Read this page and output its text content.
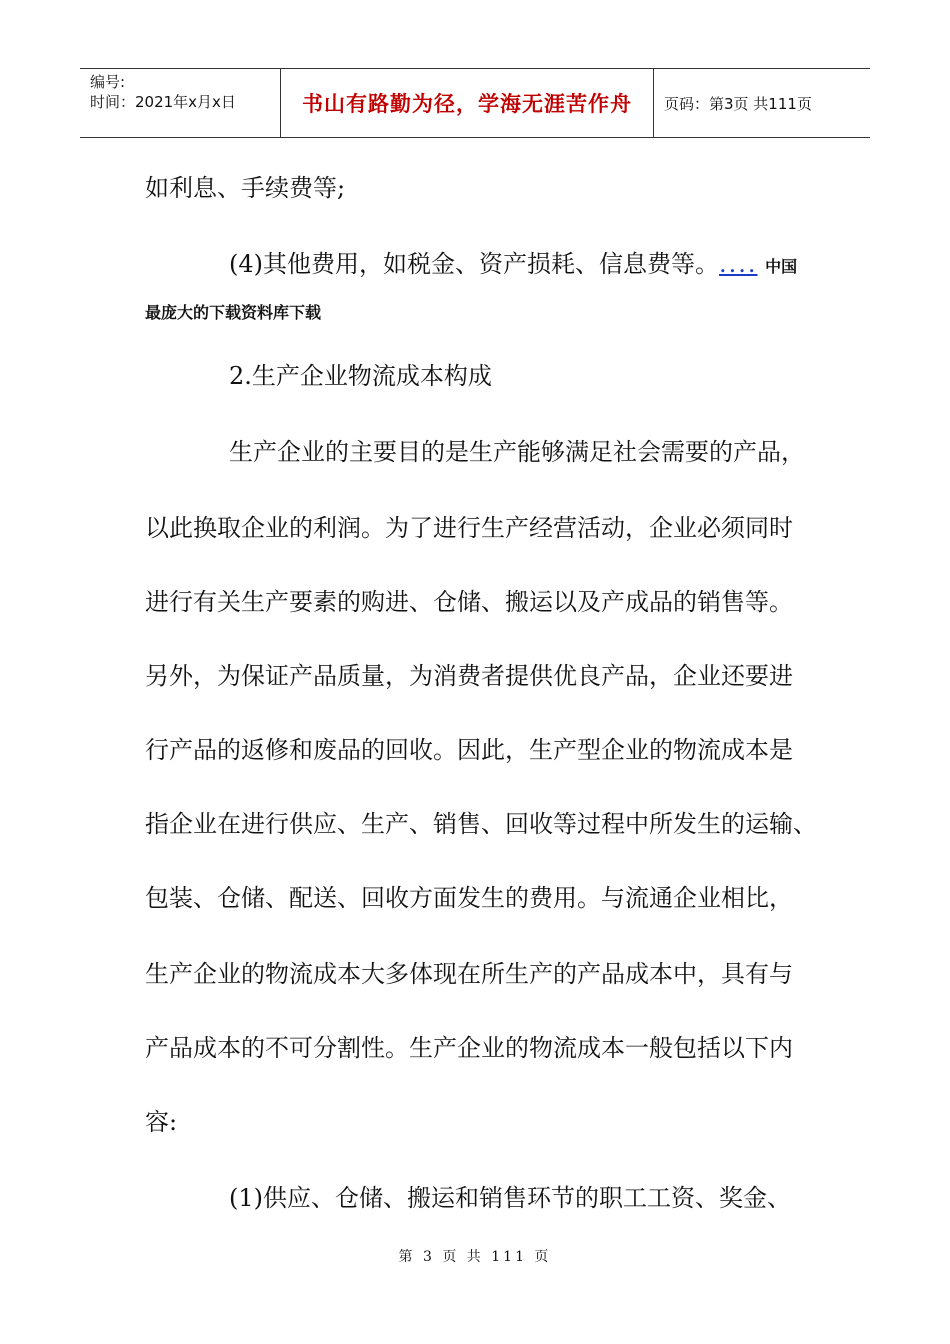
编号:
时间：2021年x月x日	书山有路勤为径，学海无涯苦作舟	页码：第3页 共111页
如利息、手续费等;
(4)其他费用，如税金、资产损耗、信息费等。.... 中国
最庞大的下载资料库下载
2.生产企业物流成本构成
生产企业的主要目的是生产能够满足社会需要的产品，
以此换取企业的利润。为了进行生产经营活动，企业必须同时
进行有关生产要素的购进、仓储、搬运以及产成品的销售等。
另外，为保证产品质量，为消费者提供优良产品，企业还要进
行产品的返修和废品的回收。因此，生产型企业的物流成本是
指企业在进行供应、生产、销售、回收等过程中所发生的运输、
包装、仓储、配送、回收方面发生的费用。与流通企业相比，
生产企业的物流成本大多体现在所生产的产品成本中，具有与
产品成本的不可分割性。生产企业的物流成本一般包括以下内
容:
(1)供应、仓储、搬运和销售环节的职工工资、奖金、
第 3 页 共 111 页
